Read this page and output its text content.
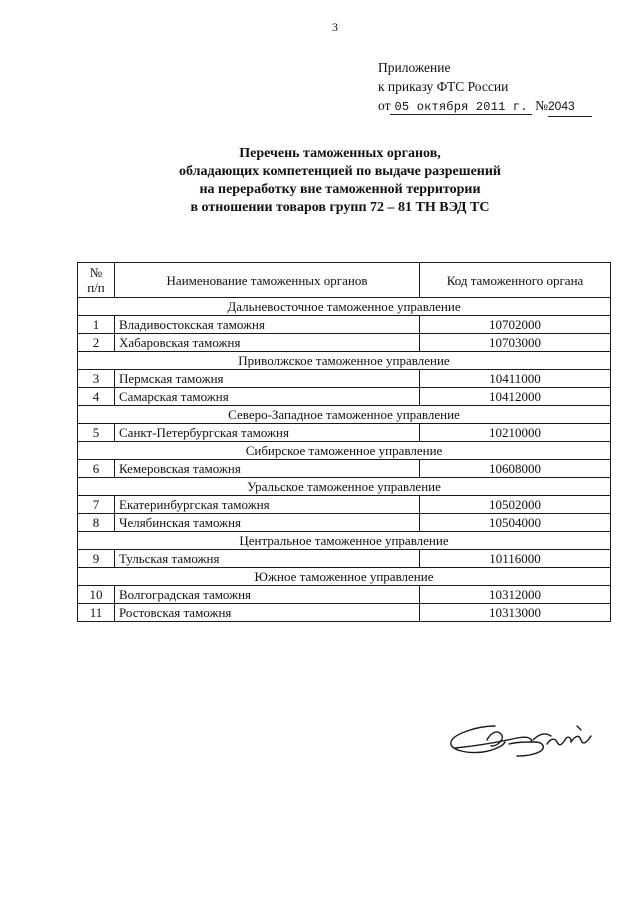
3
Приложение
к приказу ФТС России
от 05 октября 2011 г. №2043
Перечень таможенных органов,
обладающих компетенцией по выдаче разрешений
на переработку вне таможенной территории
в отношении товаров групп 72 – 81 ТН ВЭД ТС
№
п/п	Наименование таможенных органов	Код таможенного органа
Дальневосточное таможенное управление		
1	Владивостокская таможня	10702000
2	Хабаровская таможня	10703000
Приволжское таможенное управление		
3	Пермская таможня	10411000
4	Самарская таможня	10412000
Северо-Западное таможенное управление		
5	Санкт-Петербургская таможня	10210000
Сибирское таможенное управление		
6	Кемеровская таможня	10608000
Уральское таможенное управление		
7	Екатеринбургская таможня	10502000
8	Челябинская таможня	10504000
Центральное таможенное управление		
9	Тульская таможня	10116000
Южное таможенное управление		
10	Волгоградская таможня	10312000
11	Ростовская таможня	10313000
